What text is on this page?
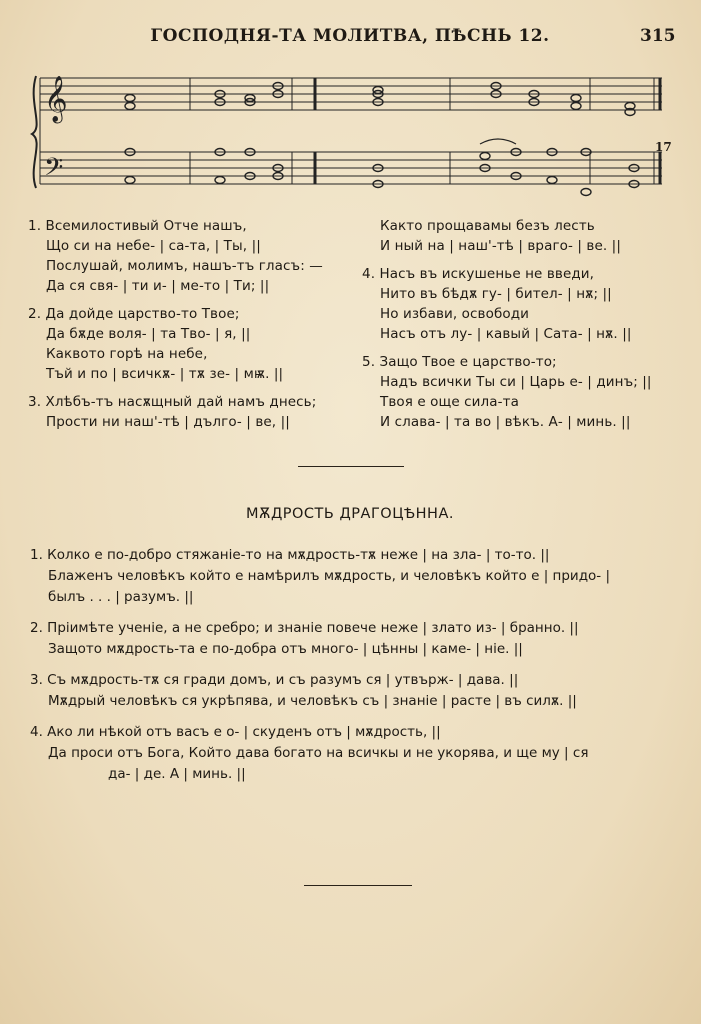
ГОСПОДНЯ-ТА МОЛИТВА, ПѢСНЬ 12.	315
𝄞
𝄢
17
1. Всемилостивый Отче нашъ,
Що си на небе- | са-та, | Ты, ||
Послушай, молимъ, нашъ-тъ гласъ: —
Да ся свя- | ти и- | ме-то | Ти; ||
2. Да дойде царство-то Твое;
Да бѫде воля- | та Тво- | я, ||
Каквото горѣ на небе,
Тъй и по | всичкѫ- | тѫ зе- | мѭ. ||
3. Хлѣбъ-тъ насѫщный дай намъ днесь;
Прости ни наш'-тѣ | дългo- | ве, ||
Както прощавамы безъ лесть
И ный на | наш'-тѣ | враго- | ве. ||
4. Насъ въ искушенье не введи,
Нито въ бѣдѫ гу- | бител- | нѫ; ||
Но избави, освободи
Насъ отъ лу- | кавый | Сата- | нѫ. ||
5. Защо Твое е царство-то;
Надъ всички Ты си | Царь е- | динъ; ||
Твоя е още сила-та
И слава- | та во | вѣкъ. А- | минь. ||
МѪДРОСТЬ ДРАГОЦѢННА.
1. Колко е по-добро стяжаніе-то на мѫдрость-тѫ неже | на зла- | то-то. ||
Блаженъ человѣкъ който е намѣрилъ мѫдрость, и человѣкъ който е | придо- |
былъ . . . | разумъ. ||
2. Пріимѣте ученіе, а не сребро; и знаніе повече неже | злато из- | бранно. ||
Защото мѫдрость-та е по-добра отъ много- | цѣнны | каме- | ніе. ||
3. Съ мѫдрость-тѫ ся гради домъ, и съ разумъ ся | утвърж- | дава. ||
Мѫдрый человѣкъ ся укрѣпява, и человѣкъ съ | знаніе | расте | въ силѫ. ||
4. Ако ли нѣкой отъ васъ е о- | скуденъ отъ | мѫдрость, ||
Да проси отъ Бога, Който дава богато на всичкы и не укорява, и ще му | ся
да- | де. А | минь. ||
